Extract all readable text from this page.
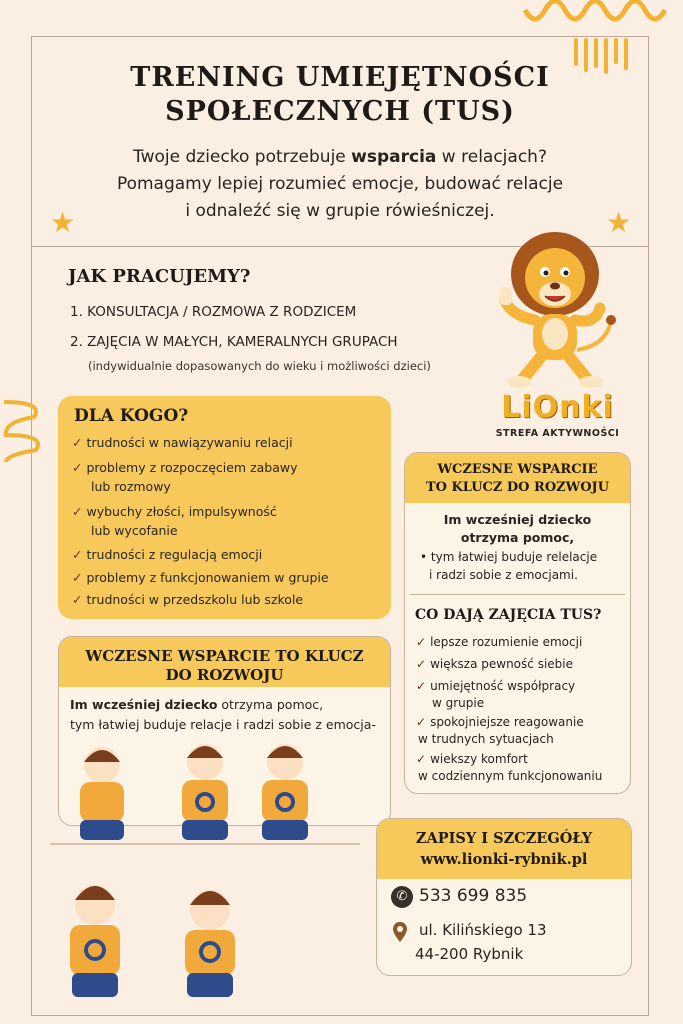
TRENING UMIEJĘTNOŚCI
SPOŁECZNYCH (TUS)
Twoje dziecko potrzebuje wsparcia w relacjach?
Pomagamy lepiej rozumieć emocje, budować relacje
i odnaleźć się w grupie rówieśniczej.
★	★
JAK PRACUJEMY?
1. KONSULTACJA / ROZMOWA Z RODZICEM
2. ZAJĘCIA W MAŁYCH, KAMERALNYCH GRUPACH
(indywidualnie dopasowanych do wieku i możliwości dzieci)
LiOnki
STREFA AKTYWNOŚCI
DLA KOGO?
✓ trudności w nawiązywaniu relacji
✓ problemy z rozpoczęciem zabawy
lub rozmowy
✓ wybuchy złości, impulsywność
lub wycofanie
✓ trudności z regulacją emocji
✓ problemy z funkcjonowaniem w grupie
✓ trudności w przedszkolu lub szkole
WCZESNE WSPARCIE TO KLUCZ
DO ROZWOJU
Im wcześniej dziecko otrzyma pomoc,
tym łatwiej buduje relacje i radzi sobie z emocja-
WCZESNE WSPARCIE
TO KLUCZ DO ROZWOJU
Im wcześniej dziecko
otrzyma pomoc,
• tym łatwiej buduje relelacje
i radzi sobie z emocjami.
CO DAJĄ ZAJĘCIA TUS?
✓ lepsze rozumienie emocji
✓ większa pewność siebie
✓ umiejętność współpracy
w grupie
✓ spokojniejsze reagowanie
w trudnych sytuacjach
✓ wiekszy komfort
w codziennym funkcjonowaniu
ZAPISY I SZCZEGÓŁY
www.lionki-rybnik.pl
✆ 533 699 835
ul. Kilińskiego 13
44-200 Rybnik
